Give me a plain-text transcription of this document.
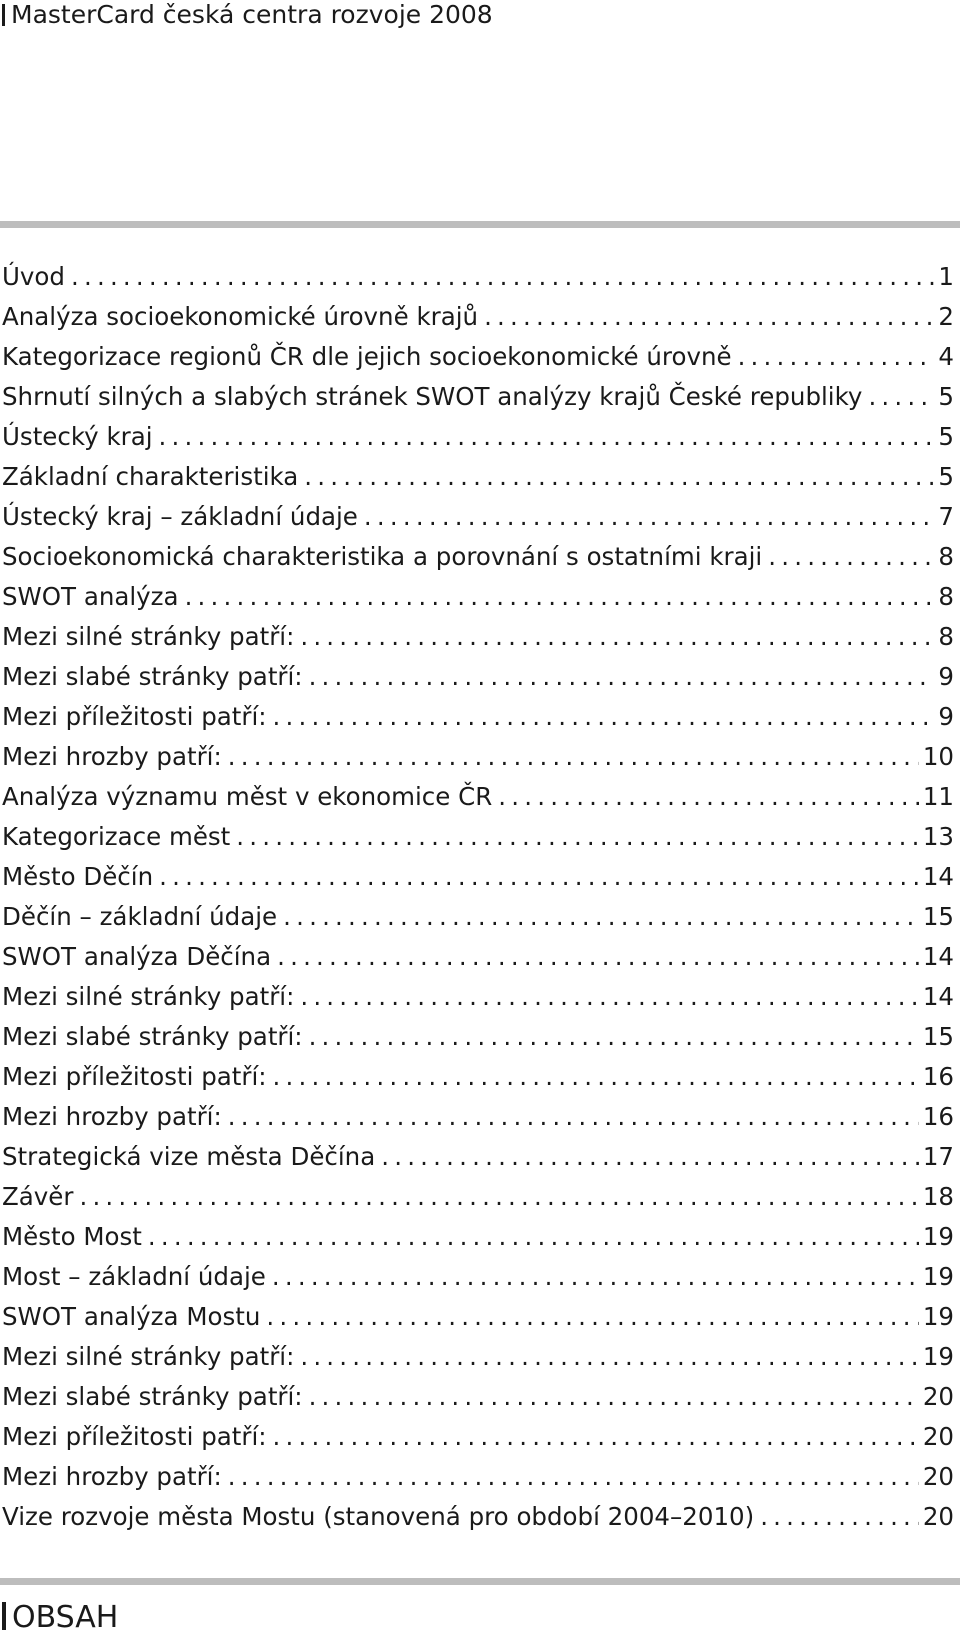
MasterCard česká centra rozvoje 2008
Úvod .....	1
Analýza socioekonomické úrovně krajů .....	2
Kategorizace regionů ČR dle jejich socioekonomické úrovně .....	4
Shrnutí silných a slabých stránek SWOT analýzy krajů České republiky .....	5
Ústecký kraj .....	5
Základní charakteristika .....	5
Ústecký kraj – základní údaje .....	7
Socioekonomická charakteristika a porovnání s ostatními kraji .....	8
SWOT analýza .....	8
Mezi silné stránky patří: .....	8
Mezi slabé stránky patří: .....	9
Mezi příležitosti patří: .....	9
Mezi hrozby patří: .....	10
Analýza významu měst v ekonomice ČR .....	11
Kategorizace měst .....	13
Město Děčín .....	14
Děčín – základní údaje .....	15
SWOT analýza Děčína .....	14
Mezi silné stránky patří: .....	14
Mezi slabé stránky patří: .....	15
Mezi příležitosti patří: .....	16
Mezi hrozby patří: .....	16
Strategická vize města Děčína .....	17
Závěr .....	18
Město Most .....	19
Most – základní údaje .....	19
SWOT analýza Mostu .....	19
Mezi silné stránky patří: .....	19
Mezi slabé stránky patří: .....	20
Mezi příležitosti patří: .....	20
Mezi hrozby patří: .....	20
Vize rozvoje města Mostu (stanovená pro období 2004–2010) .....	20
OBSAH
